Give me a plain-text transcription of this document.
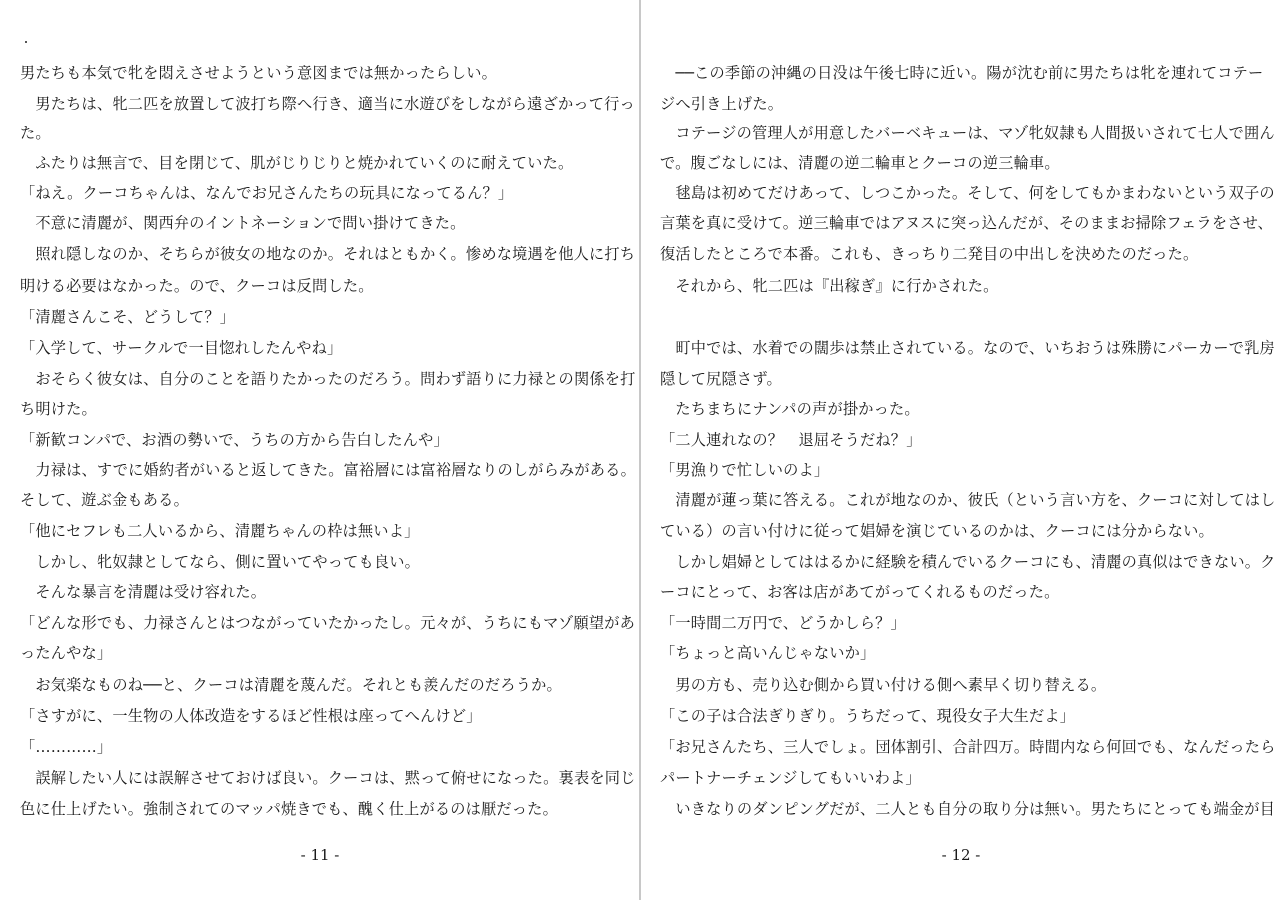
男たちも本気で牝を悶えさせようという意図までは無かったらしい。
　男たちは、牝二匹を放置して波打ち際へ行き、適当に水遊びをしながら遠ざかって行っ
た。
　ふたりは無言で、目を閉じて、肌がじりじりと焼かれていくのに耐えていた。
「ねえ。クーコちゃんは、なんでお兄さんたちの玩具になってるん？」
　不意に清麗が、関西弁のイントネーションで問い掛けてきた。
　照れ隠しなのか、そちらが彼女の地なのか。それはともかく。惨めな境遇を他人に打ち
明ける必要はなかった。ので、クーコは反問した。
「清麗さんこそ、どうして？」
「入学して、サークルで一目惚れしたんやね」
　おそらく彼女は、自分のことを語りたかったのだろう。問わず語りに力禄との関係を打
ち明けた。
「新歓コンパで、お酒の勢いで、うちの方から告白したんや」
　力禄は、すでに婚約者がいると返してきた。富裕層には富裕層なりのしがらみがある。
そして、遊ぶ金もある。
「他にセフレも二人いるから、清麗ちゃんの枠は無いよ」
　しかし、牝奴隷としてなら、側に置いてやっても良い。
　そんな暴言を清麗は受け容れた。
「どんな形でも、力禄さんとはつながっていたかったし。元々が、うちにもマゾ願望があ
ったんやな」
　お気楽なものね──と、クーコは清麗を蔑んだ。それとも羨んだのだろうか。
「さすがに、一生物の人体改造をするほど性根は座ってへんけど」
「…………」
　誤解したい人には誤解させておけば良い。クーコは、黙って俯せになった。裏表を同じ
色に仕上げたい。強制されてのマッパ焼きでも、醜く仕上がるのは厭だった。
- 11 -
　──この季節の沖縄の日没は午後七時に近い。陽が沈む前に男たちは牝を連れてコテー
ジへ引き上げた。
　コテージの管理人が用意したバーベキューは、マゾ牝奴隷も人間扱いされて七人で囲ん
で。腹ごなしには、清麗の逆二輪車とクーコの逆三輪車。
　毬島は初めてだけあって、しつこかった。そして、何をしてもかまわないという双子の
言葉を真に受けて。逆三輪車ではアヌスに突っ込んだが、そのままお掃除フェラをさせ、
復活したところで本番。これも、きっちり二発目の中出しを決めたのだった。
　それから、牝二匹は『出稼ぎ』に行かされた。
　町中では、水着での闊歩は禁止されている。なので、いちおうは殊勝にパーカーで乳房
隠して尻隠さず。
　たちまちにナンパの声が掛かった。
「二人連れなの？　退屈そうだね？」
「男漁りで忙しいのよ」
　清麗が蓮っ葉に答える。これが地なのか、彼氏（という言い方を、クーコに対してはし
ている）の言い付けに従って娼婦を演じているのかは、クーコには分からない。
　しかし娼婦としてははるかに経験を積んでいるクーコにも、清麗の真似はできない。ク
ーコにとって、お客は店があてがってくれるものだった。
「一時間二万円で、どうかしら？」
「ちょっと高いんじゃないか」
　男の方も、売り込む側から買い付ける側へ素早く切り替える。
「この子は合法ぎりぎり。うちだって、現役女子大生だよ」
「お兄さんたち、三人でしょ。団体割引、合計四万。時間内なら何回でも、なんだったら
パートナーチェンジしてもいいわよ」
　いきなりのダンピングだが、二人とも自分の取り分は無い。男たちにとっても端金が目
- 12 -
